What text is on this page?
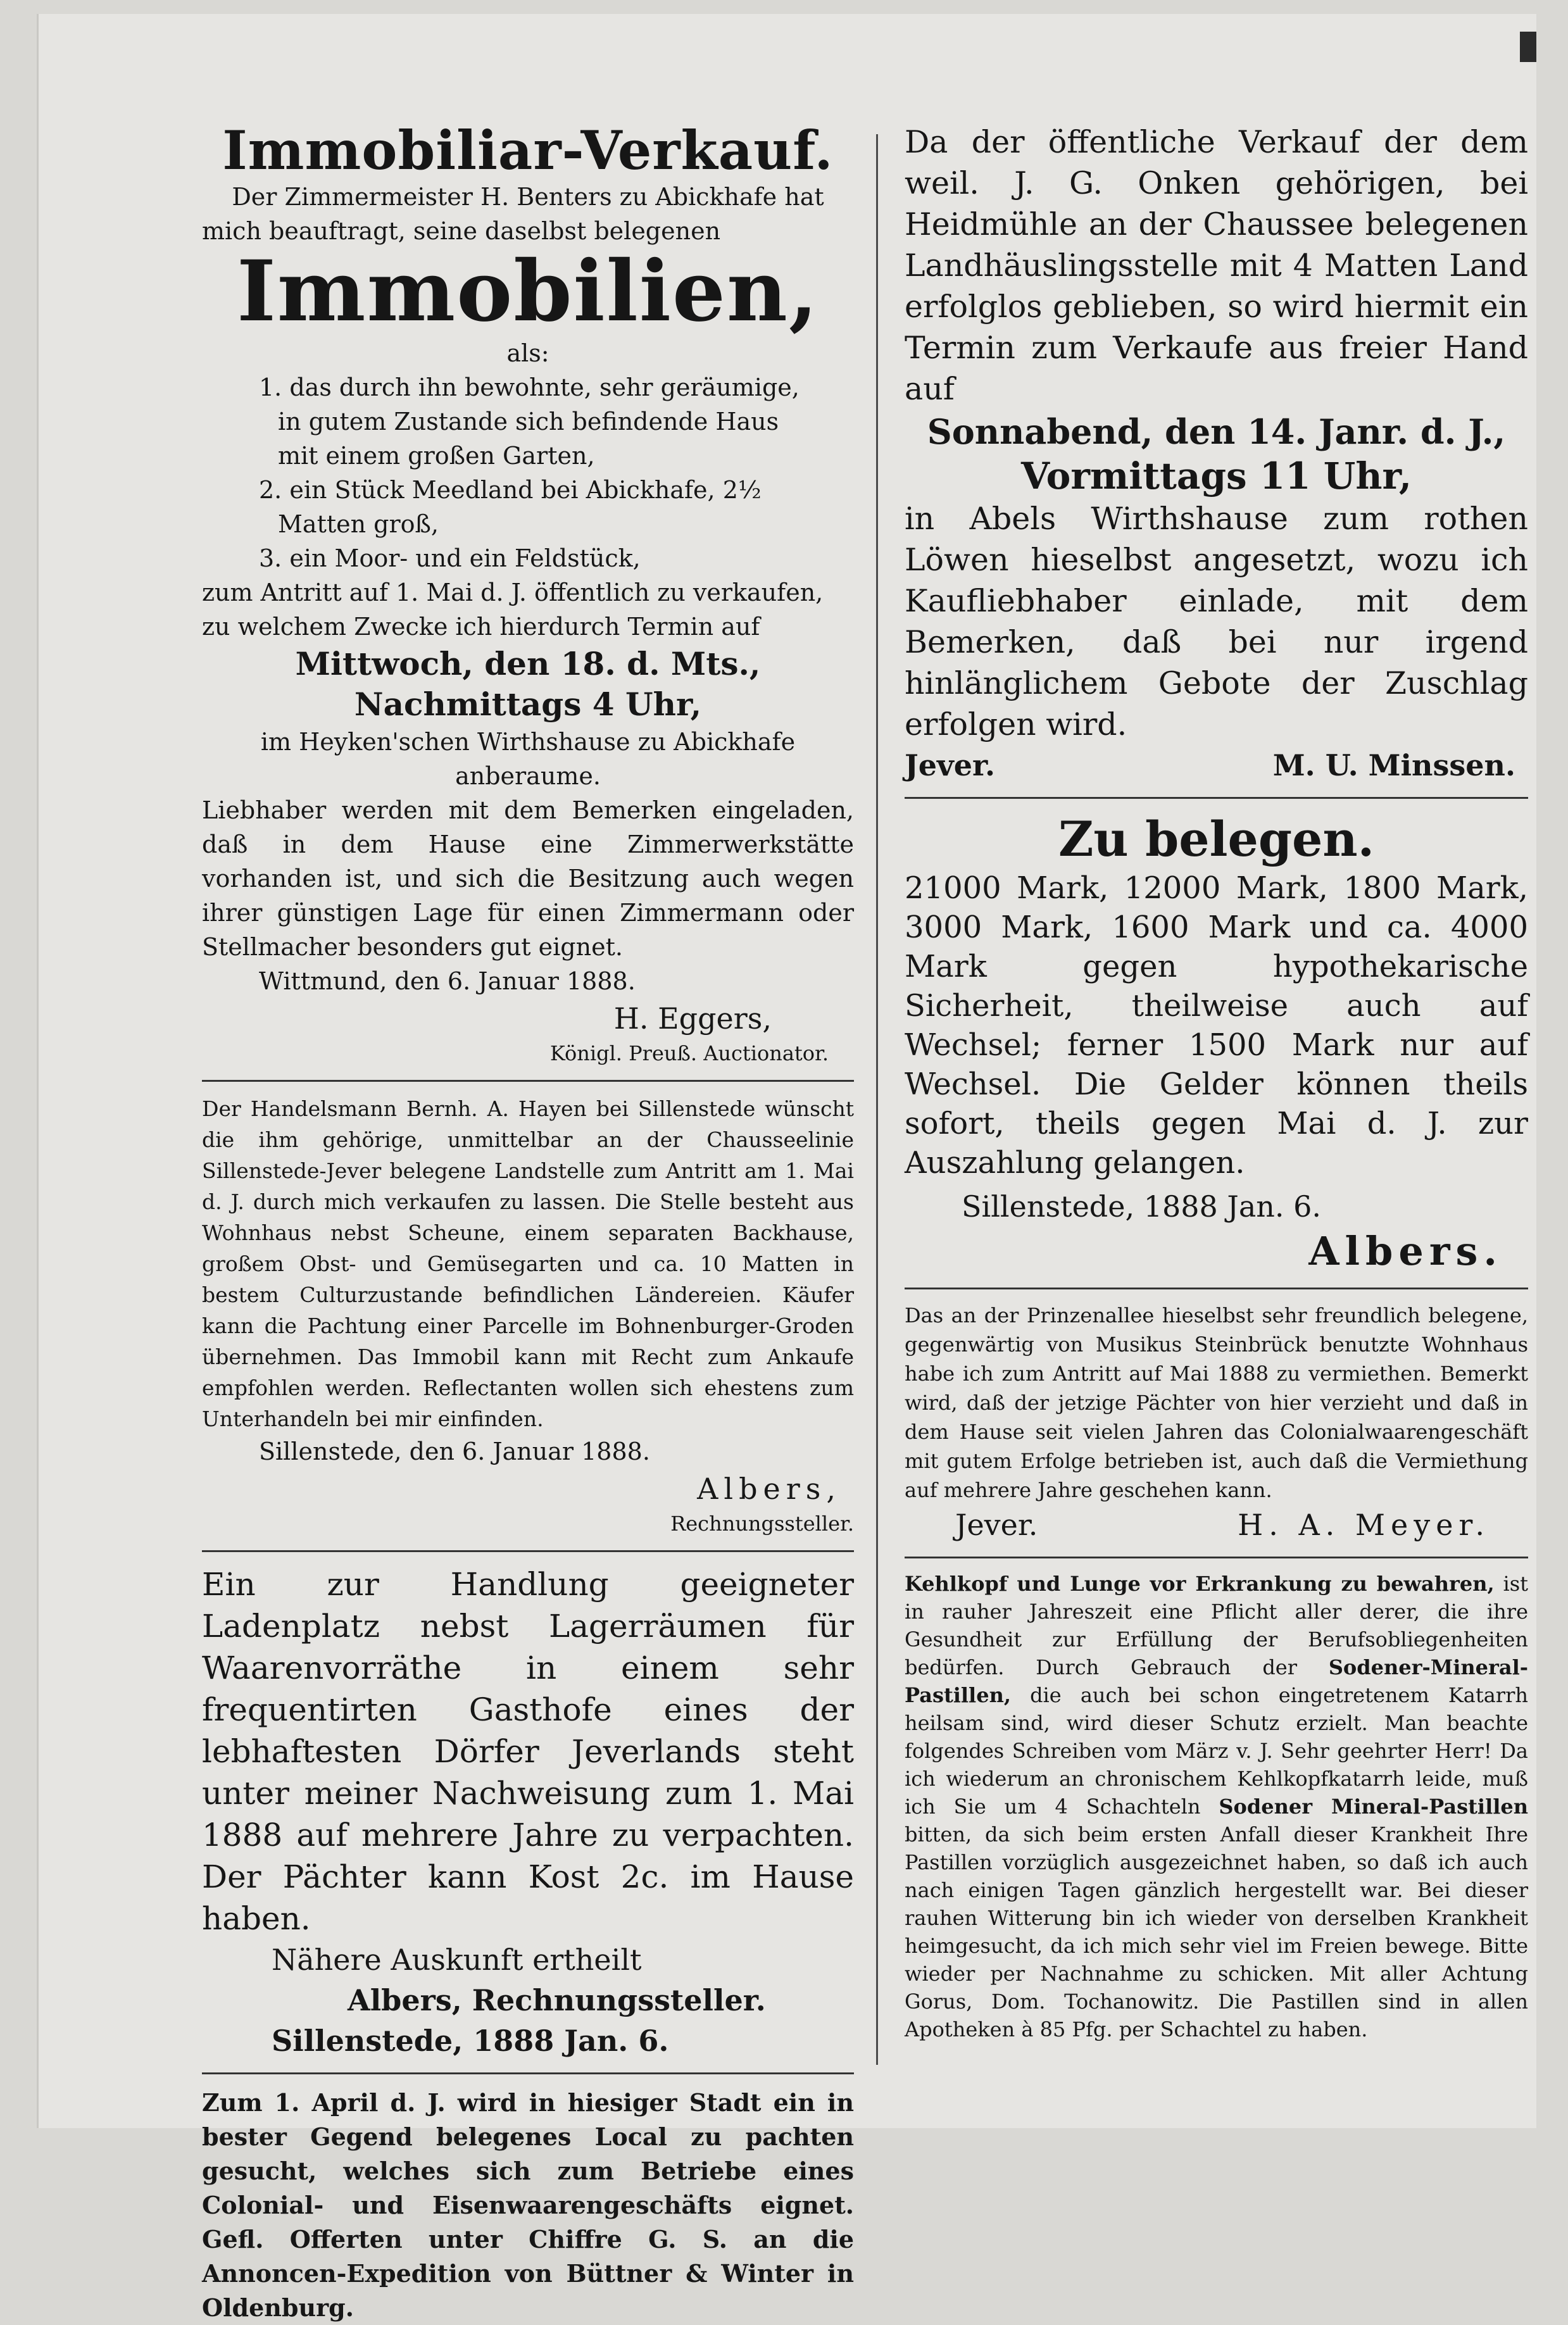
Immobiliar-Verkauf.

Der Zimmermeister H. Benters zu Abickhafe hat

mich beauftragt, seine daselbst belegenen

Immobilien,

als:

1. das durch ihn bewohnte, sehr geräumige,

in gutem Zustande sich befindende Haus

mit einem großen Garten,

2. ein Stück Meedland bei Abickhafe, 2½

Matten groß,

3. ein Moor- und ein Feldstück,

zum Antritt auf 1. Mai d. J. öffentlich zu verkaufen,

zu welchem Zwecke ich hierdurch Termin auf

Mittwoch, den 18. d. Mts.,

Nachmittags 4 Uhr,

im Heyken'schen Wirthshause zu Abickhafe anberaume.

Liebhaber werden mit dem Bemerken eingeladen, daß in dem Hause eine Zimmerwerkstätte vorhanden ist, und sich die Besitzung auch wegen ihrer günstigen Lage für einen Zimmermann oder Stellmacher besonders gut eignet.

Wittmund, den 6. Januar 1888.

H. Eggers,

Königl. Preuß. Auctionator.

Der Handelsmann Bernh. A. Hayen bei Sillenstede wünscht die ihm gehörige, unmittelbar an der Chausseelinie Sillenstede-Jever belegene Landstelle zum Antritt am 1. Mai d. J. durch mich verkaufen zu lassen. Die Stelle besteht aus Wohnhaus nebst Scheune, einem separaten Backhause, großem Obst- und Gemüsegarten und ca. 10 Matten in bestem Culturzustande befindlichen Ländereien. Käufer kann die Pachtung einer Parcelle im Bohnenburger-Groden übernehmen. Das Immobil kann mit Recht zum Ankaufe empfohlen werden. Reflectanten wollen sich ehestens zum Unterhandeln bei mir einfinden.

Sillenstede, den 6. Januar 1888.

Albers,

Rechnungssteller.

Ein zur Handlung geeigneter Ladenplatz nebst Lagerräumen für Waarenvorräthe in einem sehr frequentirten Gasthofe eines der lebhaftesten Dörfer Jeverlands steht unter meiner Nachweisung zum 1. Mai 1888 auf mehrere Jahre zu verpachten. Der Pächter kann Kost 2c. im Hause haben.

Nähere Auskunft ertheilt

Albers, Rechnungssteller.

Sillenstede, 1888 Jan. 6.

Zum 1. April d. J. wird in hiesiger Stadt ein in bester Gegend belegenes Local zu pachten gesucht, welches sich zum Betriebe eines Colonial- und Eisenwaarengeschäfts eignet. Gefl. Offerten unter Chiffre G. S. an die Annoncen-Expedition von Büttner & Winter in Oldenburg.

Da der öffentliche Verkauf der dem weil. J. G. Onken gehörigen, bei Heidmühle an der Chaussee belegenen Landhäuslingsstelle mit 4 Matten Land erfolglos geblieben, so wird hiermit ein Termin zum Verkaufe aus freier Hand auf

Sonnabend, den 14. Janr. d. J.,

Vormittags 11 Uhr,

in Abels Wirthshause zum rothen Löwen hieselbst angesetzt, wozu ich Kaufliebhaber einlade, mit dem Bemerken, daß bei nur irgend hinlänglichem Gebote der Zuschlag erfolgen wird.

Jever.	M. U. Minssen.

Zu belegen.

21000 Mark, 12000 Mark, 1800 Mark, 3000 Mark, 1600 Mark und ca. 4000 Mark gegen hypothekarische Sicherheit, theilweise auch auf Wechsel; ferner 1500 Mark nur auf Wechsel. Die Gelder können theils sofort, theils gegen Mai d. J. zur Auszahlung gelangen.

Sillenstede, 1888 Jan. 6.

Albers.

Das an der Prinzenallee hieselbst sehr freundlich belegene, gegenwärtig von Musikus Steinbrück benutzte Wohnhaus habe ich zum Antritt auf Mai 1888 zu vermiethen. Bemerkt wird, daß der jetzige Pächter von hier verzieht und daß in dem Hause seit vielen Jahren das Colonialwaarengeschäft mit gutem Erfolge betrieben ist, auch daß die Vermiethung auf mehrere Jahre geschehen kann.

Jever.	H. A. Meyer.

Kehlkopf und Lunge vor Erkrankung zu bewahren, ist in rauher Jahreszeit eine Pflicht aller derer, die ihre Gesundheit zur Erfüllung der Berufsobliegenheiten bedürfen. Durch Gebrauch der Sodener-Mineral-Pastillen, die auch bei schon eingetretenem Katarrh heilsam sind, wird dieser Schutz erzielt. Man beachte folgendes Schreiben vom März v. J. Sehr geehrter Herr! Da ich wiederum an chronischem Kehlkopfkatarrh leide, muß ich Sie um 4 Schachteln Sodener Mineral-Pastillen bitten, da sich beim ersten Anfall dieser Krankheit Ihre Pastillen vorzüglich ausgezeichnet haben, so daß ich auch nach einigen Tagen gänzlich hergestellt war. Bei dieser rauhen Witterung bin ich wieder von derselben Krankheit heimgesucht, da ich mich sehr viel im Freien bewege. Bitte wieder per Nachnahme zu schicken. Mit aller Achtung Gorus, Dom. Tochanowitz. Die Pastillen sind in allen Apotheken à 85 Pfg. per Schachtel zu haben.
